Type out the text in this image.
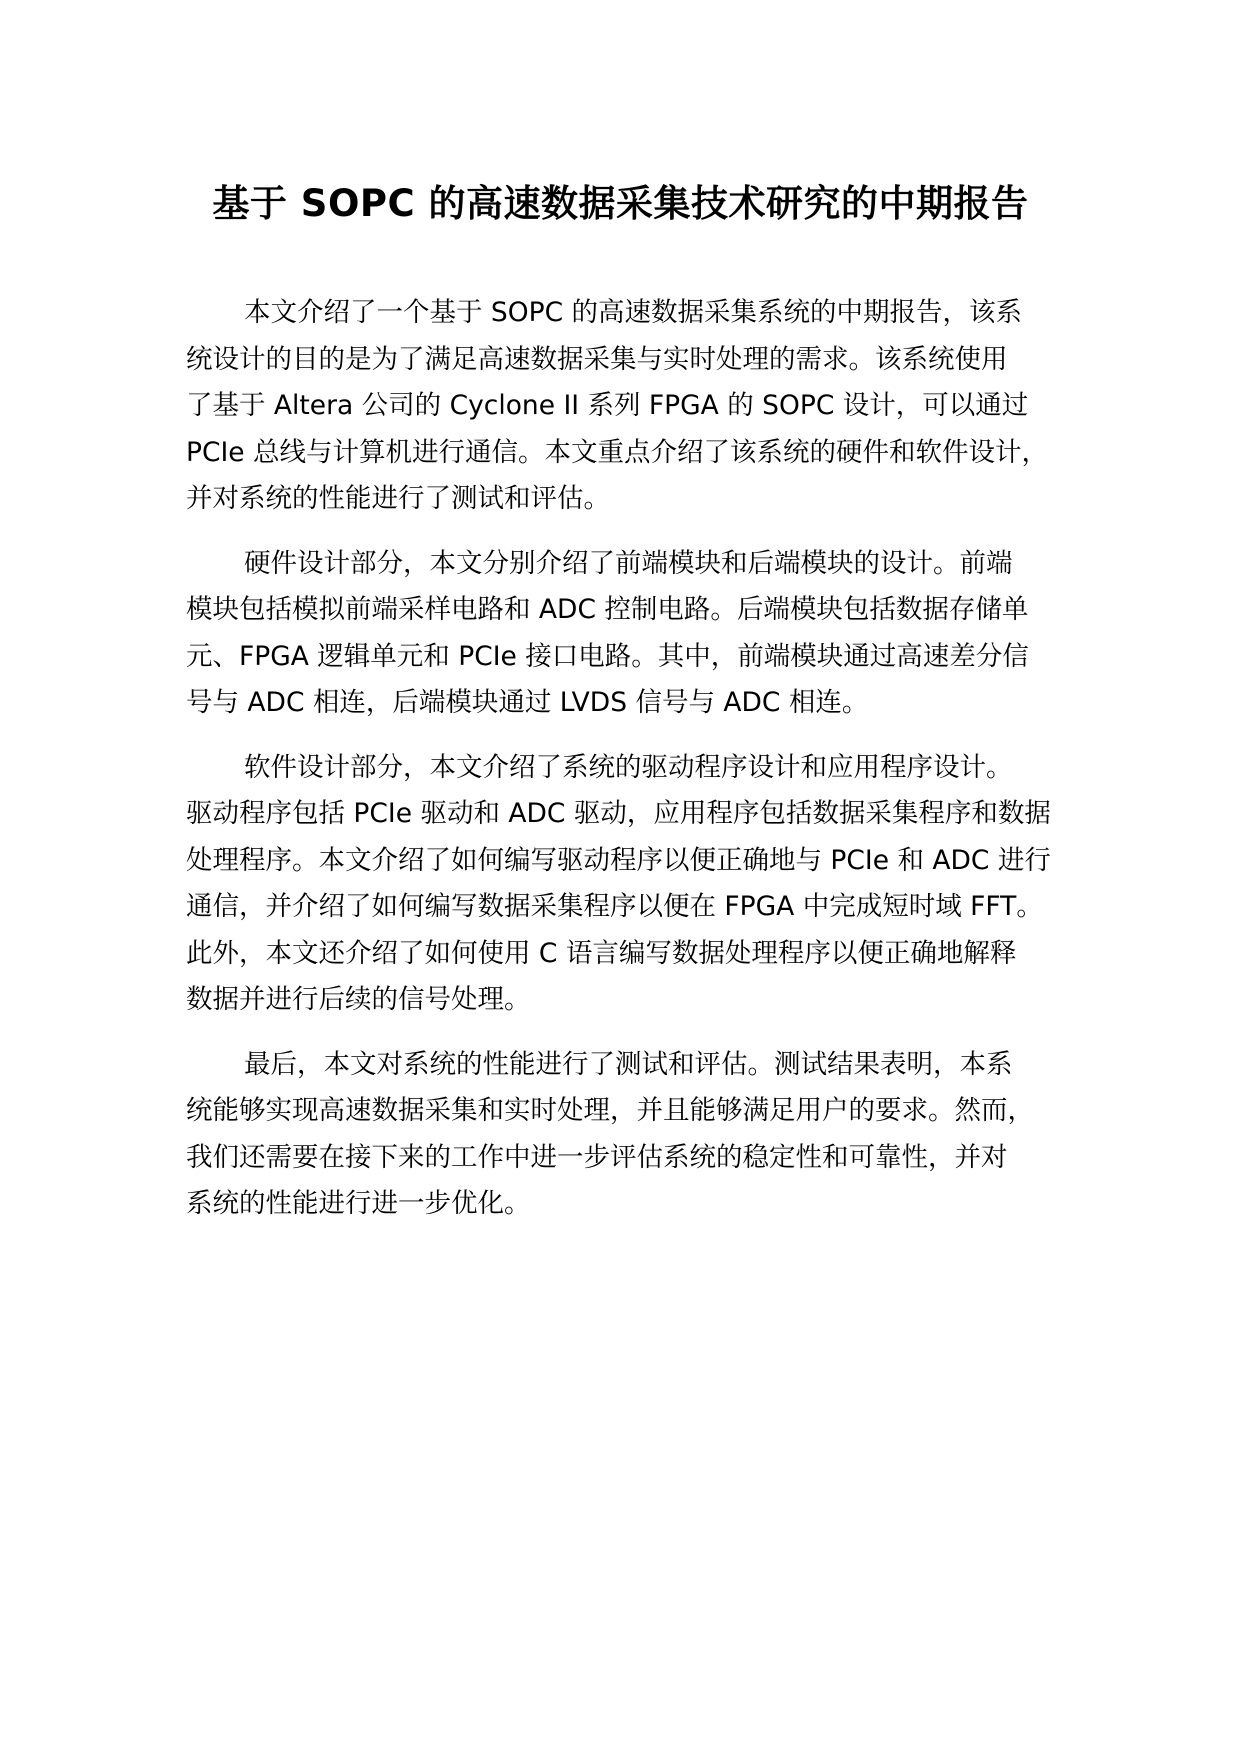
基于 SOPC 的高速数据采集技术研究的中期报告

本文介绍了一个基于 SOPC 的高速数据采集系统的中期报告，该系
统设计的目的是为了满足高速数据采集与实时处理的需求。该系统使用
了基于 Altera 公司的 Cyclone II 系列 FPGA 的 SOPC 设计，可以通过
PCIe 总线与计算机进行通信。本文重点介绍了该系统的硬件和软件设计，
并对系统的性能进行了测试和评估。

硬件设计部分，本文分别介绍了前端模块和后端模块的设计。前端
模块包括模拟前端采样电路和 ADC 控制电路。后端模块包括数据存储单
元、FPGA 逻辑单元和 PCIe 接口电路。其中，前端模块通过高速差分信
号与 ADC 相连，后端模块通过 LVDS 信号与 ADC 相连。

软件设计部分，本文介绍了系统的驱动程序设计和应用程序设计。
驱动程序包括 PCIe 驱动和 ADC 驱动，应用程序包括数据采集程序和数据
处理程序。本文介绍了如何编写驱动程序以便正确地与 PCIe 和 ADC 进行
通信，并介绍了如何编写数据采集程序以便在 FPGA 中完成短时域 FFT。
此外，本文还介绍了如何使用 C 语言编写数据处理程序以便正确地解释
数据并进行后续的信号处理。

最后，本文对系统的性能进行了测试和评估。测试结果表明，本系
统能够实现高速数据采集和实时处理，并且能够满足用户的要求。然而，
我们还需要在接下来的工作中进一步评估系统的稳定性和可靠性，并对
系统的性能进行进一步优化。
